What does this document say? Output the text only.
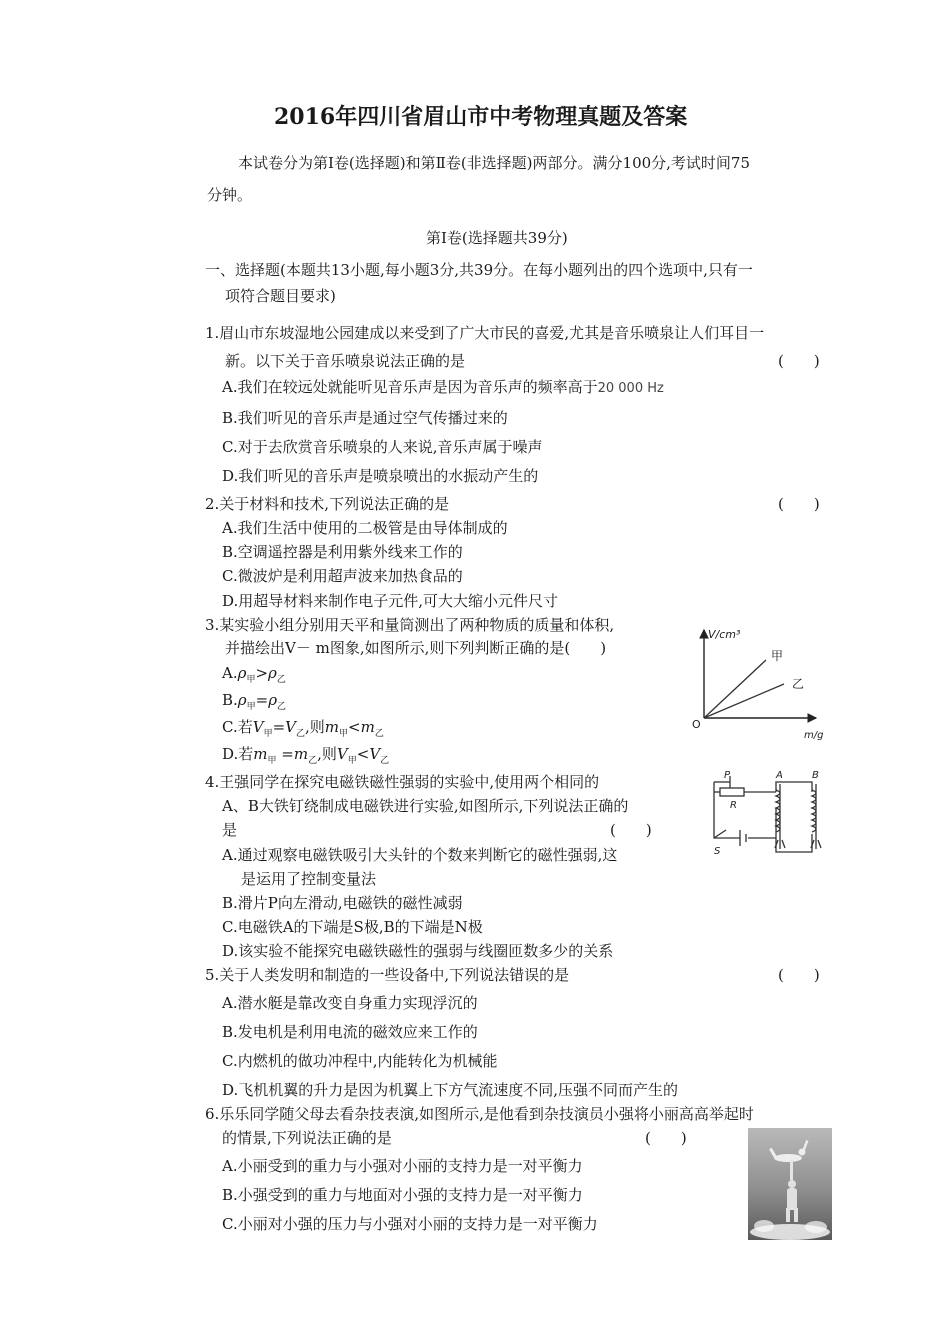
2016年四川省眉山市中考物理真题及答案
本试卷分为第Ⅰ卷(选择题)和第Ⅱ卷(非选择题)两部分。满分100分,考试时间75
分钟。
第Ⅰ卷(选择题共39分)
一、选择题(本题共13小题,每小题3分,共39分。在每小题列出的四个选项中,只有一
项符合题目要求)
1.眉山市东坡湿地公园建成以来受到了广大市民的喜爱,尤其是音乐喷泉让人们耳目一
新。以下关于音乐喷泉说法正确的是	(　　)
A.我们在较远处就能听见音乐声是因为音乐声的频率高于20 000 Hz
B.我们听见的音乐声是通过空气传播过来的
C.对于去欣赏音乐喷泉的人来说,音乐声属于噪声
D.我们听见的音乐声是喷泉喷出的水振动产生的
2.关于材料和技术,下列说法正确的是	(　　)
A.我们生活中使用的二极管是由导体制成的
B.空调遥控器是利用紫外线来工作的
C.微波炉是利用超声波来加热食品的
D.用超导材料来制作电子元件,可大大缩小元件尺寸
3.某实验小组分别用天平和量筒测出了两种物质的质量和体积,
并描绘出V－ m图象,如图所示,则下列判断正确的是(　　)
$A.\rho_甲>\rho_乙$
$B.\rho_甲=\rho_乙$
C.若$V_甲=V_乙$,则$m_甲<m_乙$
D.若$m_甲 =m_乙$,则$V_甲<V_乙$
V/cm³
甲
乙
O
m/g
4.王强同学在探究电磁铁磁性强弱的实验中,使用两个相同的
A、B大铁钉绕制成电磁铁进行实验,如图所示,下列说法正确的
是	(　　)
A.通过观察电磁铁吸引大头针的个数来判断它的磁性强弱,这
是运用了控制变量法
B.滑片P向左滑动,电磁铁的磁性减弱
C.电磁铁A的下端是S极,B的下端是N极
D.该实验不能探究电磁铁磁性的强弱与线圈匝数多少的关系
P
R
S
A	B
5.关于人类发明和制造的一些设备中,下列说法错误的是	(　　)
A.潜水艇是靠改变自身重力实现浮沉的
B.发电机是利用电流的磁效应来工作的
C.内燃机的做功冲程中,内能转化为机械能
D.飞机机翼的升力是因为机翼上下方气流速度不同,压强不同而产生的
6.乐乐同学随父母去看杂技表演,如图所示,是他看到杂技演员小强将小丽高高举起时
的情景,下列说法正确的是	(　　)
A.小丽受到的重力与小强对小丽的支持力是一对平衡力
B.小强受到的重力与地面对小强的支持力是一对平衡力
C.小丽对小强的压力与小强对小丽的支持力是一对平衡力
